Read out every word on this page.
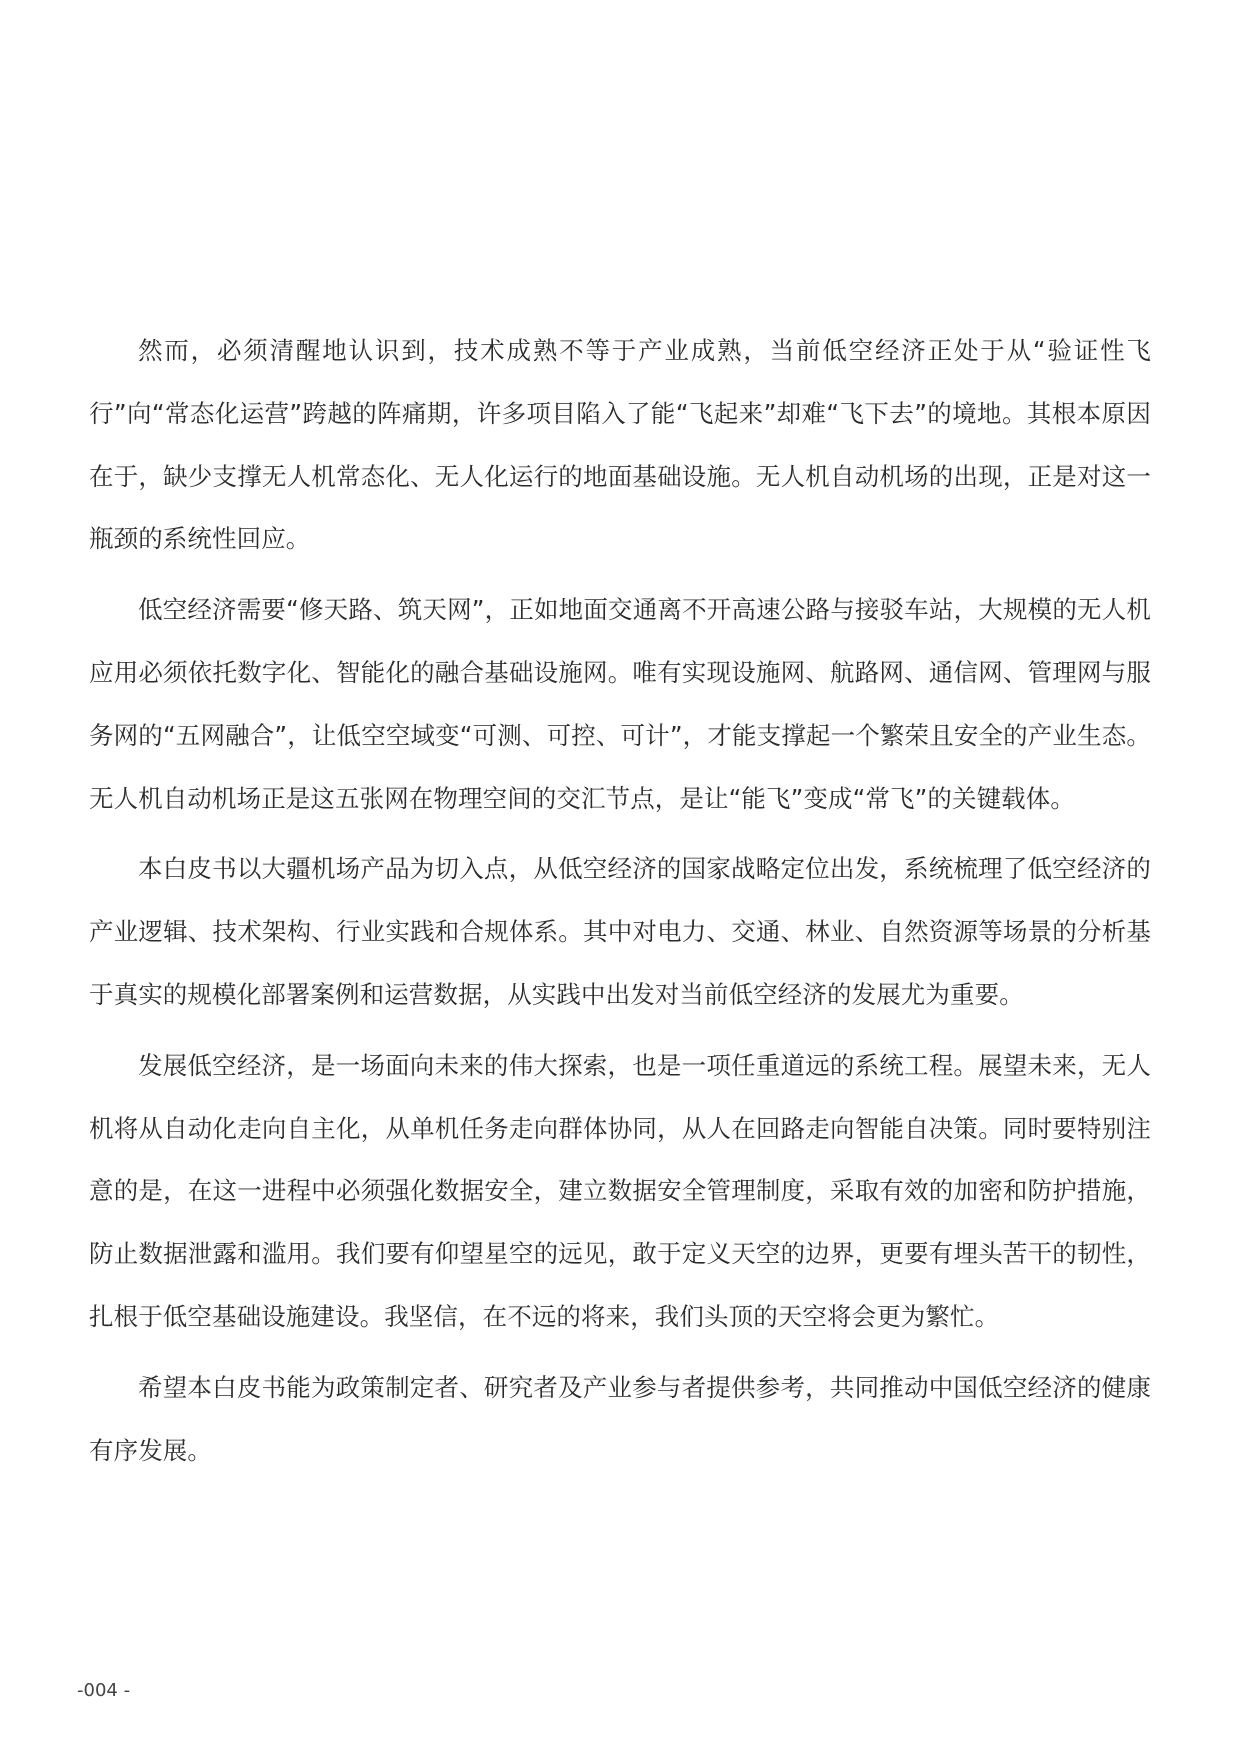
然而，必须清醒地认识到，技术成熟不等于产业成熟，当前低空经济正处于从“验证性飞行”向“常态化运营”跨越的阵痛期，许多项目陷入了能“飞起来”却难“飞下去”的境地。其根本原因在于，缺少支撑无人机常态化、无人化运行的地面基础设施。无人机自动机场的出现，正是对这一瓶颈的系统性回应。

低空经济需要“修天路、筑天网”，正如地面交通离不开高速公路与接驳车站，大规模的无人机应用必须依托数字化、智能化的融合基础设施网。唯有实现设施网、航路网、通信网、管理网与服务网的“五网融合”，让低空空域变“可测、可控、可计”，才能支撑起一个繁荣且安全的产业生态。无人机自动机场正是这五张网在物理空间的交汇节点，是让“能飞”变成“常飞”的关键载体。

本白皮书以大疆机场产品为切入点，从低空经济的国家战略定位出发，系统梳理了低空经济的产业逻辑、技术架构、行业实践和合规体系。其中对电力、交通、林业、自然资源等场景的分析基于真实的规模化部署案例和运营数据，从实践中出发对当前低空经济的发展尤为重要。

发展低空经济，是一场面向未来的伟大探索，也是一项任重道远的系统工程。展望未来，无人机将从自动化走向自主化，从单机任务走向群体协同，从人在回路走向智能自决策。同时要特别注意的是，在这一进程中必须强化数据安全，建立数据安全管理制度，采取有效的加密和防护措施，防止数据泄露和滥用。我们要有仰望星空的远见，敢于定义天空的边界，更要有埋头苦干的韧性，扎根于低空基础设施建设。我坚信，在不远的将来，我们头顶的天空将会更为繁忙。

希望本白皮书能为政策制定者、研究者及产业参与者提供参考，共同推动中国低空经济的健康有序发展。

-004 -
